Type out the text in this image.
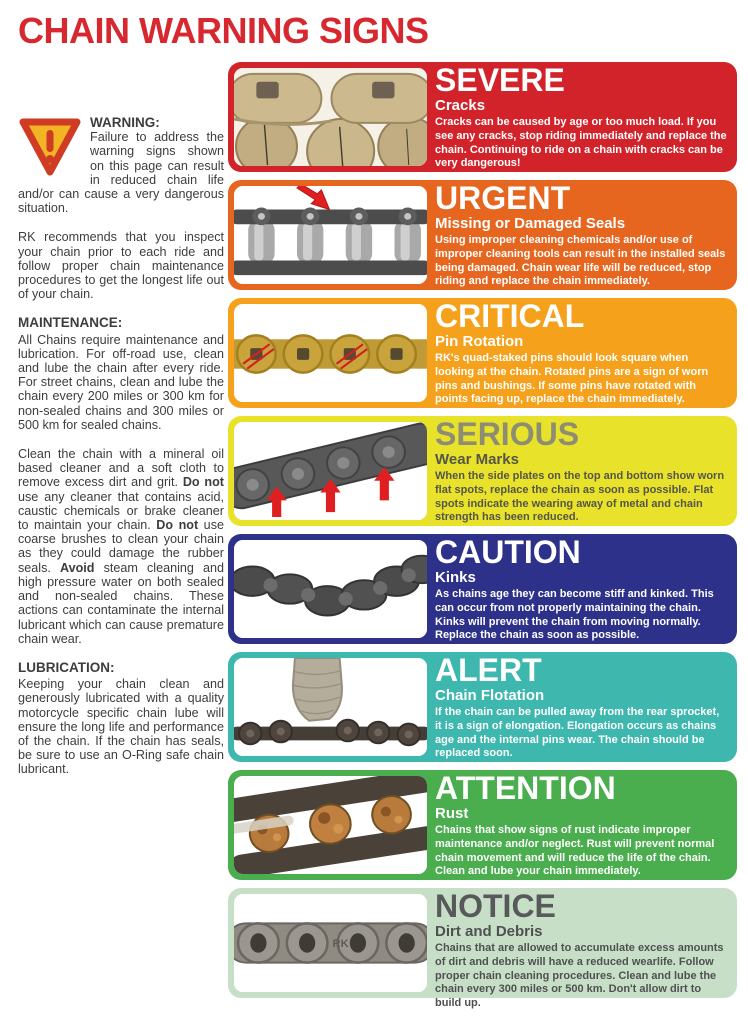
CHAIN WARNING SIGNS

WARNING:
Failure to address the warning signs shown on this page can result in reduced chain life and/or can cause a very dangerous situation.

RK recommends that you inspect your chain prior to each ride and follow proper chain maintenance procedures to get the longest life out of your chain.

MAINTENANCE:

All Chains require maintenance and lubrication. For off-road use, clean and lube the chain after every ride. For street chains, clean and lube the chain every 200 miles or 300 km for non-sealed chains and 300 miles or 500 km for sealed chains.

Clean the chain with a mineral oil based cleaner and a soft cloth to remove excess dirt and grit. Do not use any cleaner that contains acid, caustic chemicals or brake cleaner to maintain your chain. Do not use coarse brushes to clean your chain as they could damage the rubber seals. Avoid steam cleaning and high pressure water on both sealed and non-sealed chains. These actions can contaminate the internal lubricant which can cause premature chain wear.

LUBRICATION:

Keeping your chain clean and generously lubricated with a quality motorcycle specific chain lube will ensure the long life and performance of the chain. If the chain has seals, be sure to use an O-Ring safe chain lubricant.

SEVERE
Cracks
Cracks can be caused by age or too much load. If you see any cracks, stop riding immediately and replace the chain. Continuing to ride on a chain with cracks can be very dangerous!
URGENT
Missing or Damaged Seals
Using improper cleaning chemicals and/or use of improper cleaning tools can result in the installed seals being damaged. Chain wear life will be reduced, stop riding and replace the chain immediately.
CRITICAL
Pin Rotation
RK's quad-staked pins should look square when looking at the chain. Rotated pins are a sign of worn pins and bushings. If some pins have rotated with points facing up, replace the chain immediately.
SERIOUS
Wear Marks
When the side plates on the top and bottom show worn flat spots, replace the chain as soon as possible. Flat spots indicate the wearing away of metal and chain strength has been reduced.
CAUTION
Kinks
As chains age they can become stiff and kinked. This can occur from not properly maintaining the chain. Kinks will prevent the chain from moving normally. Replace the chain as soon as possible.
ALERT
Chain Flotation
If the chain can be pulled away from the rear sprocket, it is a sign of elongation. Elongation occurs as chains age and the internal pins wear. The chain should be replaced soon.
ATTENTION
Rust
Chains that show signs of rust indicate improper maintenance and/or neglect. Rust will prevent normal chain movement and will reduce the life of the chain. Clean and lube your chain immediately.
RK
NOTICE
Dirt and Debris
Chains that are allowed to accumulate excess amounts of dirt and debris will have a reduced wearlife. Follow proper chain cleaning procedures. Clean and lube the chain every 300 miles or 500 km. Don't allow dirt to build up.
